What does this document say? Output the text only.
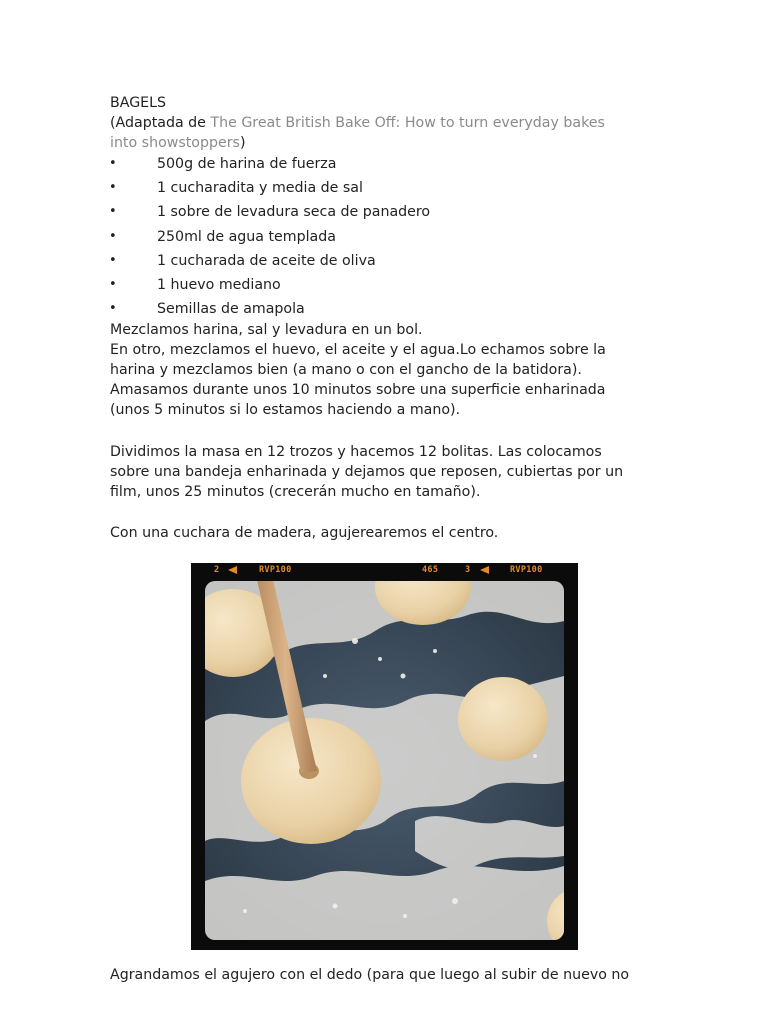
BAGELS
(Adaptada de The Great British Bake Off: How to turn everyday bakes
into showstoppers)
•	500g de harina de fuerza
•	1 cucharadita y media de sal
•	1 sobre de levadura seca de panadero
•	250ml de agua templada
•	1 cucharada de aceite de oliva
•	1 huevo mediano
•	Semillas de amapola
Mezclamos harina, sal y levadura en un bol.
En otro, mezclamos el huevo, el aceite y el agua.Lo echamos sobre la
harina y mezclamos bien (a mano o con el gancho de la batidora).
Amasamos durante unos 10 minutos sobre una superficie enharinada
(unos 5 minutos si lo estamos haciendo a mano).
Dividimos la masa en 12 trozos y hacemos 12 bolitas. Las colocamos
sobre una bandeja enharinada y dejamos que reposen, cubiertas por un
film, unos 25 minutos (crecerán mucho en tamaño).
Con una cuchara de madera, agujerearemos el centro.
2	RVP100	465	3	RVP100
Agrandamos el agujero con el dedo (para que luego al subir de nuevo no
